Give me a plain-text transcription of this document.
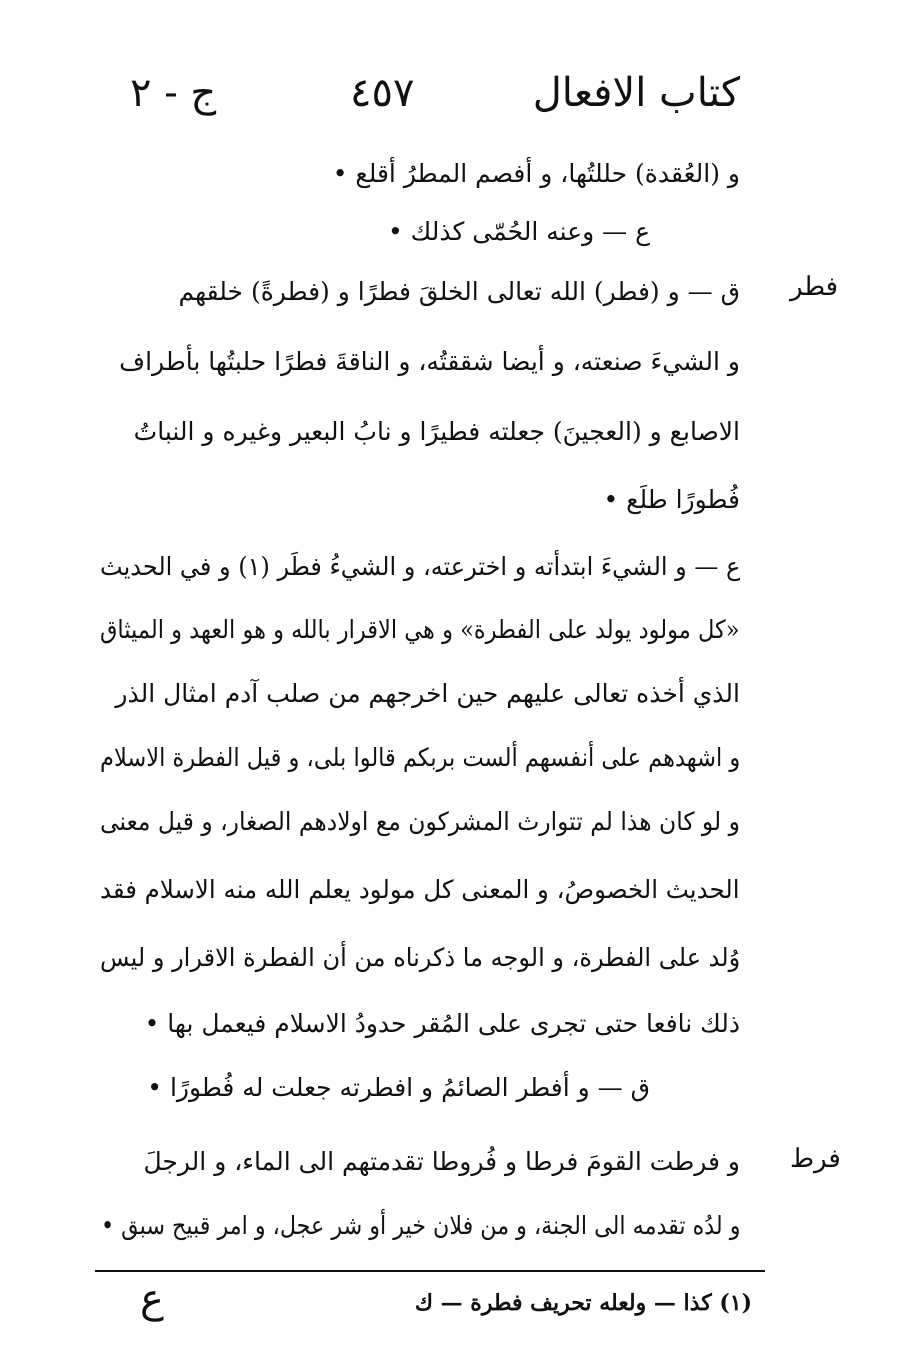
كتاب الافعال
٤٥٧
ج - ٢
و (العُقدة) حللتُها، و أفصم المطرُ أقلع •
ع — وعنه الحُمّى كذلك •
ق — و (فطر) الله تعالى الخلقَ فطرًا و (فطرةً) خلقهم
و الشيءَ صنعته، و أيضا شققتُه، و الناقةَ فطرًا حلبتُها بأطراف
الاصابع و (العجينَ) جعلته فطيرًا و نابُ البعير وغيره و النباتُ
فُطورًا طلَع •
ع — و الشيءَ ابتدأته و اخترعته، و الشيءُ فطَر (١) و في الحديث
«كل مولود يولد على الفطرة» و هي الاقرار بالله و هو العهد و الميثاق
الذي أخذه تعالى عليهم حين اخرجهم من صلب آدم امثال الذر
و اشهدهم على أنفسهم ألست بربكم قالوا بلى، و قيل الفطرة الاسلام
و لو كان هذا لم تتوارث المشركون مع اولادهم الصغار، و قيل معنى
الحديث الخصوصُ، و المعنى كل مولود يعلم الله منه الاسلام فقد
وُلد على الفطرة، و الوجه ما ذكرناه من أن الفطرة الاقرار و ليس
ذلك نافعا حتى تجرى على المُقر حدودُ الاسلام فيعمل بها •
ق — و أفطر الصائمُ و افطرته جعلت له فُطورًا •
و فرطت القومَ فرطا و فُروطا تقدمتهم الى الماء، و الرجلَ
و لدُه تقدمه الى الجنة، و من فلان خير أو شر عجل، و امر قبيح سبق •
فطر
فرط
(١) كذا — ولعله تحريف فطرة — ك
ع
